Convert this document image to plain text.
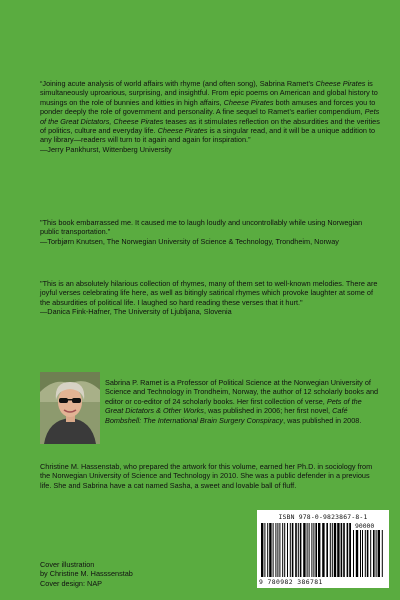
“Joining acute analysis of world affairs with rhyme (and often song), Sabrina Ramet’s Cheese Pirates is simultaneously uproarious, surprising, and insightful. From epic poems on American and global history to musings on the role of bunnies and kitties in high affairs, Cheese Pirates both amuses and forces you to ponder deeply the role of government and personality. A fine sequel to Ramet’s earlier compendium, Pets of the Great Dictators, Cheese Pirates teases as it stimulates reflection on the absurdities and the verities of politics, culture and everyday life. Cheese Pirates is a singular read, and it will be a unique addition to any library—readers will turn to it again and again for inspiration.”
—Jerry Pankhurst, Wittenberg University
"This book embarrassed me. It caused me to laugh loudly and uncontrollably while using Norwegian public transportation."
—Torbjørn Knutsen, The Norwegian University of Science & Technology, Trondheim, Norway
"This is an absolutely hilarious collection of rhymes, many of them set to well-known melodies. There are joyful verses celebrating life here, as well as bitingly satirical rhymes which provoke laughter at some of the absurdities of political life. I laughed so hard reading these verses that it hurt."
—Danica Fink-Hafner, The University of Ljubljana, Slovenia
Sabrina P. Ramet is a Professor of Political Science at the Norwegian University of Science and Technology in Trondheim, Norway, the author of 12 scholarly books and editor or co-editor of 24 scholarly books. Her first collection of verse, Pets of the Great Dictators & Other Works, was published in 2006; her first novel, Café Bombshell: The International Brain Surgery Conspiracy, was published in 2008.
Christine M. Hassenstab, who prepared the artwork for this volume, earned her Ph.D. in sociology from the Norwegian University of Science and Technology in 2010. She was a public defender in a previous life. She and Sabrina have a cat named Sasha, a sweet and lovable ball of fluff.
Cover illustration
by Christine M. Hasssenstab
Cover design: NAP
ISBN 978-0-9823867-8-1
90000
9 780982 386781
